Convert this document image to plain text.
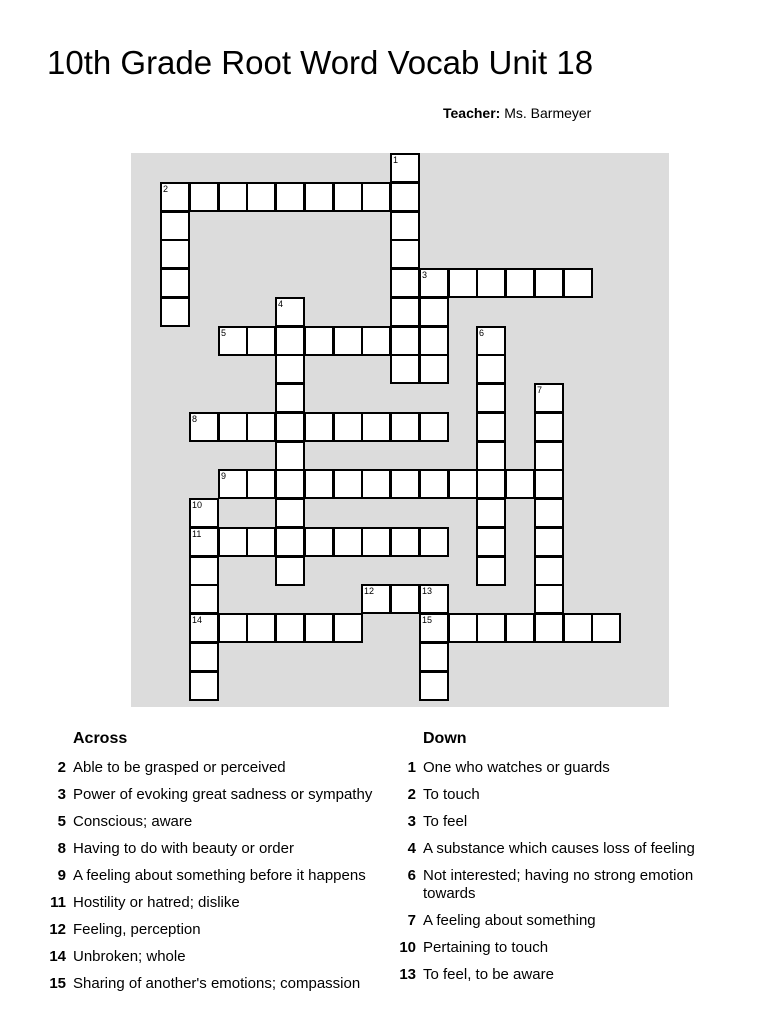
10th Grade Root Word Vocab Unit 18
Teacher: Ms. Barmeyer
1
2
3
4
5	6
7
8
9
10
11
14
12	13
15
Across
2 Able to be grasped or perceived
3 Power of evoking great sadness or sympathy
5 Conscious; aware
8 Having to do with beauty or order
9 A feeling about something before it happens
11 Hostility or hatred; dislike
12 Feeling, perception
14 Unbroken; whole
15 Sharing of another's emotions; compassion
Down
1 One who watches or guards
2 To touch
3 To feel
4 A substance which causes loss of feeling
6 Not interested; having no strong emotion towards
7 A feeling about something
10 Pertaining to touch
13 To feel, to be aware
